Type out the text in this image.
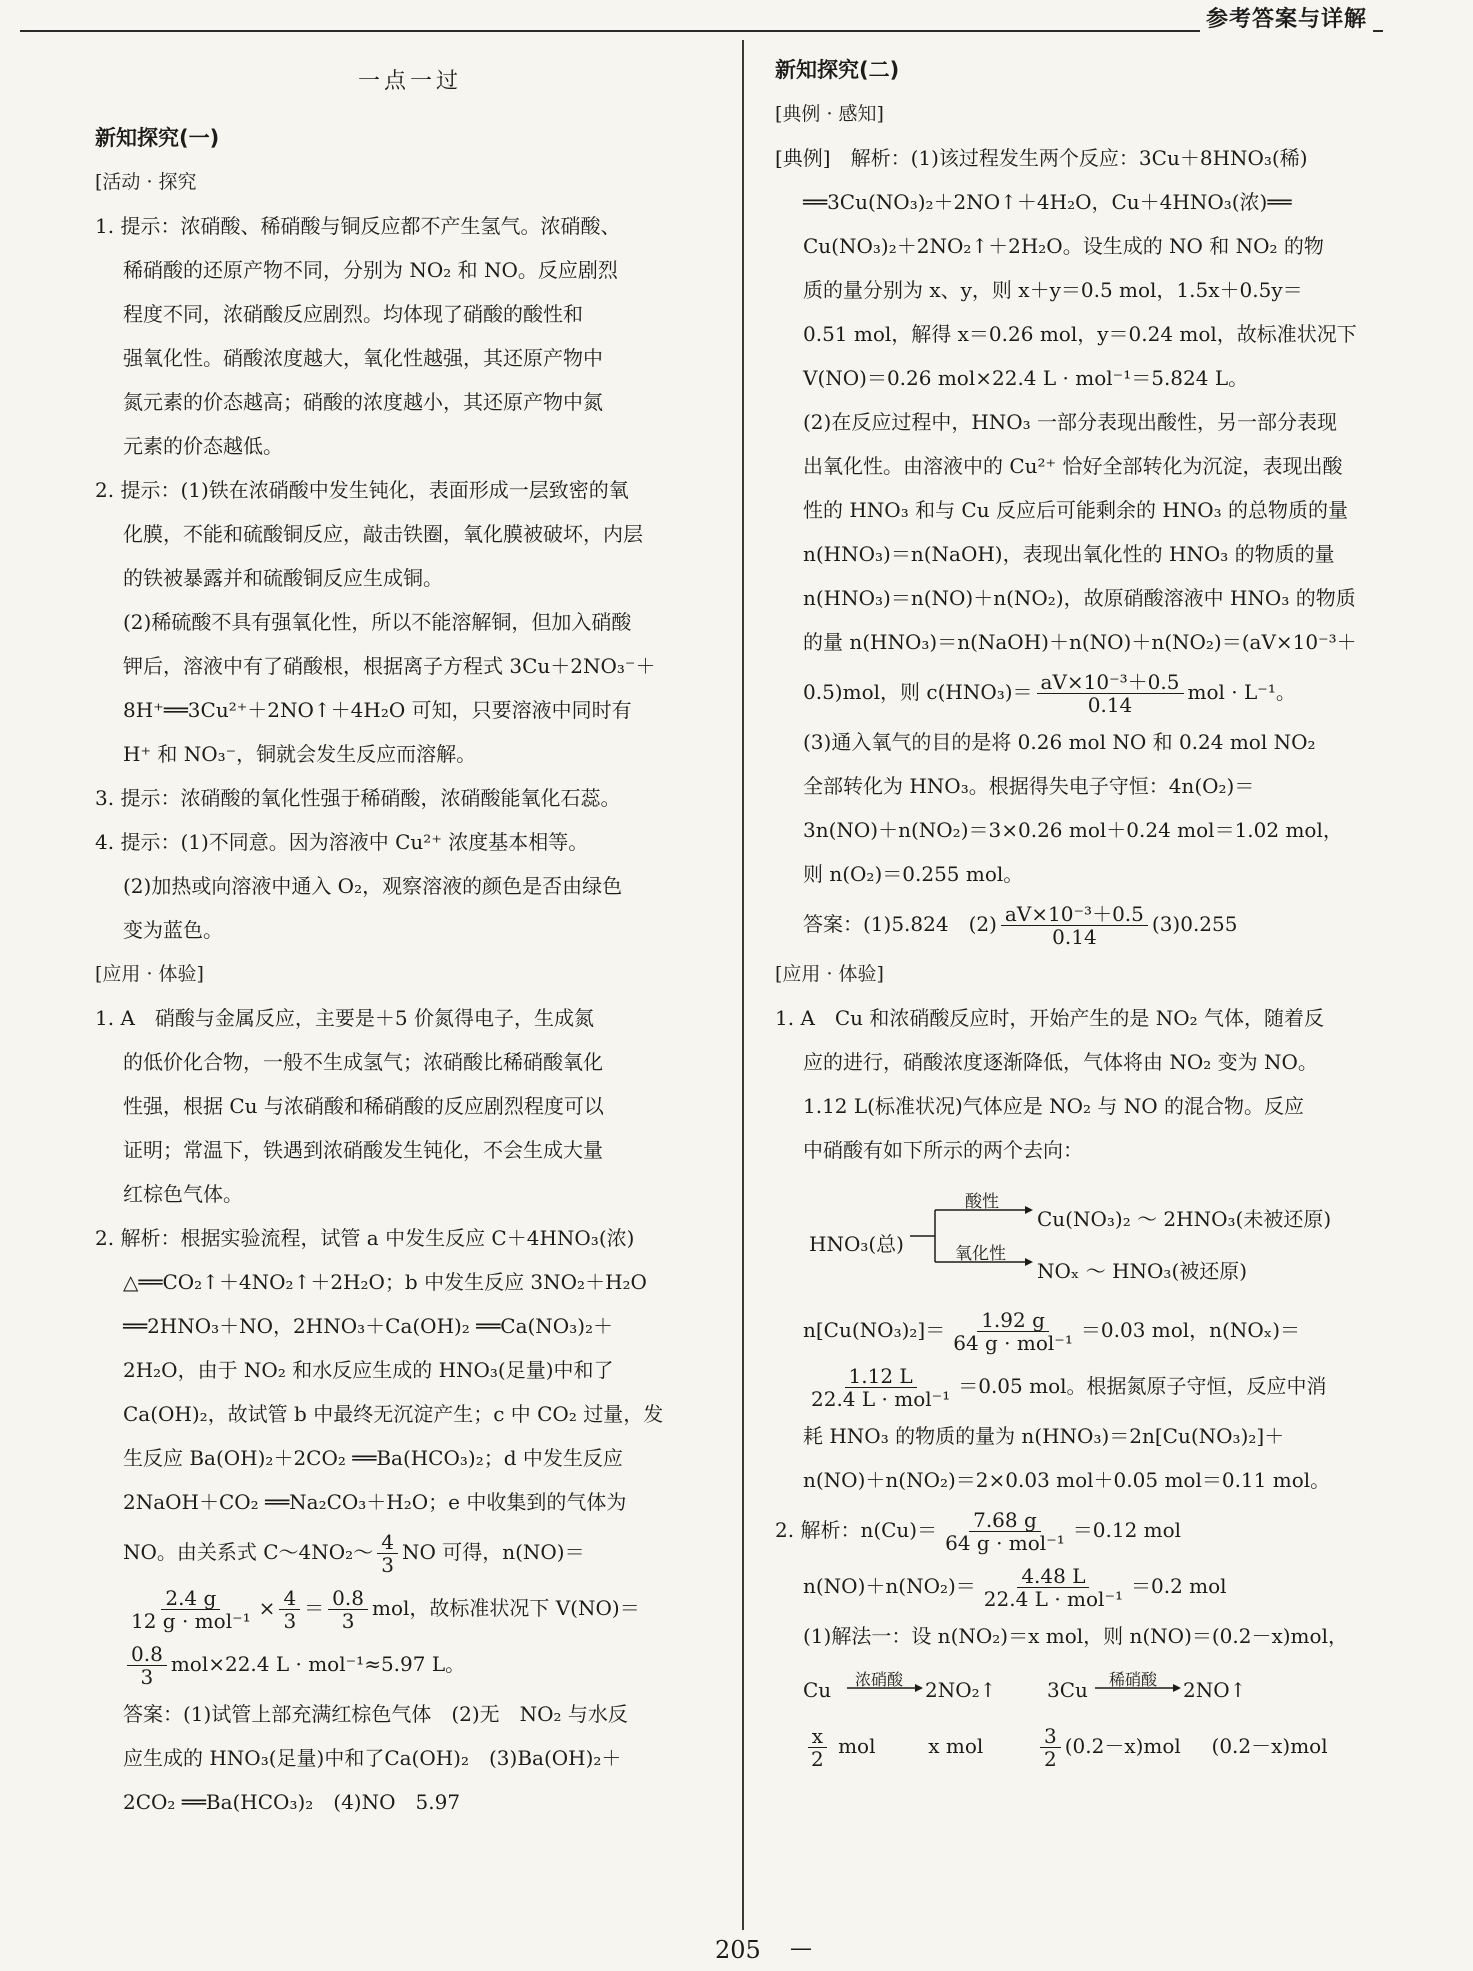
参考答案与详解
一点一过
新知探究(一)
[活动 · 探究
1. 提示：浓硝酸、稀硝酸与铜反应都不产生氢气。浓硝酸、
稀硝酸的还原产物不同，分别为 NO₂ 和 NO。反应剧烈
程度不同，浓硝酸反应剧烈。均体现了硝酸的酸性和
强氧化性。硝酸浓度越大，氧化性越强，其还原产物中
氮元素的价态越高；硝酸的浓度越小，其还原产物中氮
元素的价态越低。
2. 提示：(1)铁在浓硝酸中发生钝化，表面形成一层致密的氧
化膜，不能和硫酸铜反应，敲击铁圈，氧化膜被破坏，内层
的铁被暴露并和硫酸铜反应生成铜。
(2)稀硫酸不具有强氧化性，所以不能溶解铜，但加入硝酸
钾后，溶液中有了硝酸根，根据离子方程式 3Cu＋2NO₃⁻＋
8H⁺══3Cu²⁺＋2NO↑＋4H₂O 可知，只要溶液中同时有
H⁺ 和 NO₃⁻，铜就会发生反应而溶解。
3. 提示：浓硝酸的氧化性强于稀硝酸，浓硝酸能氧化石蕊。
4. 提示：(1)不同意。因为溶液中 Cu²⁺ 浓度基本相等。
(2)加热或向溶液中通入 O₂，观察溶液的颜色是否由绿色
变为蓝色。
[应用 · 体验]
1. A　硝酸与金属反应，主要是＋5 价氮得电子，生成氮
的低价化合物，一般不生成氢气；浓硝酸比稀硝酸氧化
性强，根据 Cu 与浓硝酸和稀硝酸的反应剧烈程度可以
证明；常温下，铁遇到浓硝酸发生钝化，不会生成大量
红棕色气体。
2. 解析：根据实验流程，试管 a 中发生反应 C＋4HNO₃(浓)
△══CO₂↑＋4NO₂↑＋2H₂O；b 中发生反应 3NO₂＋H₂O
══2HNO₃＋NO，2HNO₃＋Ca(OH)₂ ══Ca(NO₃)₂＋
2H₂O，由于 NO₂ 和水反应生成的 HNO₃(足量)中和了
Ca(OH)₂，故试管 b 中最终无沉淀产生；c 中 CO₂ 过量，发
生反应 Ba(OH)₂＋2CO₂ ══Ba(HCO₃)₂；d 中发生反应
2NaOH＋CO₂ ══Na₂CO₃＋H₂O；e 中收集到的气体为
NO。由关系式 C～4NO₂～ $\frac{4}{3}$ NO 可得，n(NO)＝
$\frac{2.4 g}{\text{12 g · mol⁻¹}} \times \frac{4}{3} = \frac{0.8}{3}$ mol，故标准状况下 V(NO)＝
$\frac{0.8}{3} mol\times 22.4$ L · mol⁻¹≈5.97 L。
答案：(1)试管上部充满红棕色气体　(2)无　NO₂ 与水反
应生成的 HNO₃(足量)中和了Ca(OH)₂　(3)Ba(OH)₂＋
2CO₂ ══Ba(HCO₃)₂　(4)NO　5.97
新知探究(二)
[典例 · 感知]
[典例]　解析：(1)该过程发生两个反应：3Cu＋8HNO₃(稀)
══3Cu(NO₃)₂＋2NO↑＋4H₂O，Cu＋4HNO₃(浓)══
Cu(NO₃)₂＋2NO₂↑＋2H₂O。设生成的 NO 和 NO₂ 的物
质的量分别为 x、y，则 x＋y＝0.5 mol，1.5x＋0.5y＝
0.51 mol，解得 x＝0.26 mol，y＝0.24 mol，故标准状况下
V(NO)＝0.26 mol×22.4 L · mol⁻¹＝5.824 L。
(2)在反应过程中，HNO₃ 一部分表现出酸性，另一部分表现
出氧化性。由溶液中的 Cu²⁺ 恰好全部转化为沉淀，表现出酸
性的 HNO₃ 和与 Cu 反应后可能剩余的 HNO₃ 的总物质的量
n(HNO₃)＝n(NaOH)，表现出氧化性的 HNO₃ 的物质的量
n(HNO₃)＝n(NO)＋n(NO₂)，故原硝酸溶液中 HNO₃ 的物质
的量 n(HNO₃)＝n(NaOH)＋n(NO)＋n(NO₂)＝(aV×10⁻³＋
0.5)mol，则 $c(HNO_3)= \frac{\text{aV×10⁻³＋0.5}}{0.14}$ mol · L⁻¹。
(3)通入氧气的目的是将 0.26 mol NO 和 0.24 mol NO₂
全部转化为 HNO₃。根据得失电子守恒：4n(O₂)＝
3n(NO)＋n(NO₂)＝3×0.26 mol＋0.24 mol＝1.02 mol，
则 n(O₂)＝0.255 mol。
答案：(1)5.824　$(2) \frac{\text{aV×10⁻³＋0.5}}{0.14} (3)0.255$
[应用 · 体验]
1. A　Cu 和浓硝酸反应时，开始产生的是 NO₂ 气体，随着反
应的进行，硝酸浓度逐渐降低，气体将由 NO₂ 变为 NO。
1.12 L(标准状况)气体应是 NO₂ 与 NO 的混合物。反应
中硝酸有如下所示的两个去向：
HNO₃(总)
酸性
Cu(NO₃)₂ ～ 2HNO₃(未被还原)
氧化性
NOₓ ～ HNO₃(被还原)
$n[Cu(NO_3)_2]= \frac{1.92 g}{\text{64 g · mol⁻¹}} =0.03$ mol，n(NOₓ)＝
$\frac{1.12 L}{\text{22.4 L · mol⁻¹}} =0.05$ mol。根据氮原子守恒，反应中消
耗 HNO₃ 的物质的量为 n(HNO₃)＝2n[Cu(NO₃)₂]＋
n(NO)＋n(NO₂)＝2×0.03 mol＋0.05 mol＝0.11 mol。
2. 解析：$n(Cu)= \frac{7.68 g}{\text{64 g · mol⁻¹}} =0.12$ mol
$n(NO)+n(NO_2)= \frac{4.48 L}{\text{22.4 L · mol⁻¹}} =0.2$ mol
(1)解法一：设 n(NO₂)＝x mol，则 n(NO)＝(0.2－x)mol，
Cu 浓硝酸 2NO₂↑	3Cu 稀硝酸 2NO↑
$\frac{x}{2}$ mol	x mol	$\frac{3}{2} (0.2-x)mol$ (0.2－x)mol
205 —
